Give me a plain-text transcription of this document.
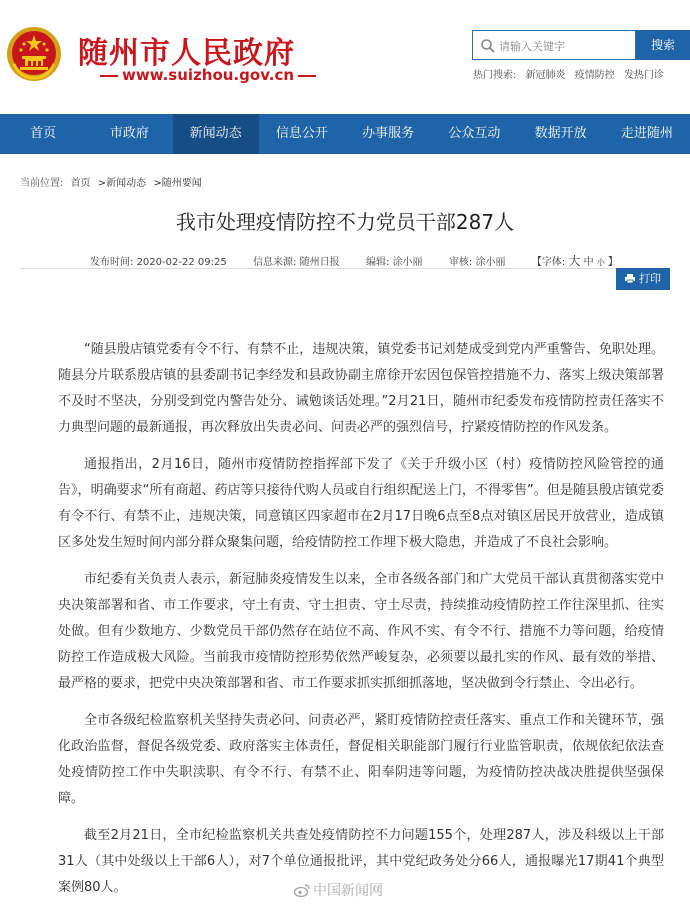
随州市人民政府
www.suizhou.gov.cn
请输入关键字
搜索
热门搜索: 新冠肺炎 疫情防控 发热门诊
首页	市政府	新闻动态	信息公开	办事服务	公众互动	数据开放	走进随州
当前位置: 首页 >新闻动态 >随州要闻
我市处理疫情防控不力党员干部287人
发布时间: 2020-02-22 09:25	信息来源: 随州日报	编辑: 涂小丽	审核: 涂小丽	【字体: 大 中 小 】
打印

“随县殷店镇党委有令不行、有禁不止，违规决策，镇党委书记刘楚成受到党内严重警告、免职处理。随县分片联系殷店镇的县委副书记李经发和县政协副主席徐开宏因包保管控措施不力、落实上级决策部署不及时不坚决，分别受到党内警告处分、诫勉谈话处理。”2月21日，随州市纪委发布疫情防控责任落实不力典型问题的最新通报，再次释放出失责必问、问责必严的强烈信号，拧紧疫情防控的作风发条。

通报指出，2月16日，随州市疫情防控指挥部下发了《关于升级小区（村）疫情防控风险管控的通告》，明确要求“所有商超、药店等只接待代购人员或自行组织配送上门，不得零售”。但是随县殷店镇党委有令不行、有禁不止，违规决策，同意镇区四家超市在2月17日晚6点至8点对镇区居民开放营业，造成镇区多处发生短时间内部分群众聚集问题，给疫情防控工作埋下极大隐患，并造成了不良社会影响。

市纪委有关负责人表示，新冠肺炎疫情发生以来，全市各级各部门和广大党员干部认真贯彻落实党中央决策部署和省、市工作要求，守土有责、守土担责、守土尽责，持续推动疫情防控工作往深里抓、往实处做。但有少数地方、少数党员干部仍然存在站位不高、作风不实、有令不行、措施不力等问题，给疫情防控工作造成极大风险。当前我市疫情防控形势依然严峻复杂，必须要以最扎实的作风、最有效的举措、最严格的要求，把党中央决策部署和省、市工作要求抓实抓细抓落地，坚决做到令行禁止、令出必行。

全市各级纪检监察机关坚持失责必问、问责必严，紧盯疫情防控责任落实、重点工作和关键环节，强化政治监督，督促各级党委、政府落实主体责任，督促相关职能部门履行行业监管职责，依规依纪依法查处疫情防控工作中失职渎职、有令不行、有禁不止、阳奉阴违等问题，为疫情防控决战决胜提供坚强保障。

截至2月21日，全市纪检监察机关共查处疫情防控不力问题155个，处理287人，涉及科级以上干部31人（其中处级以上干部6人），对7个单位通报批评，其中党纪政务处分66人，通报曝光17期41个典型案例80人。	中国新闻网
